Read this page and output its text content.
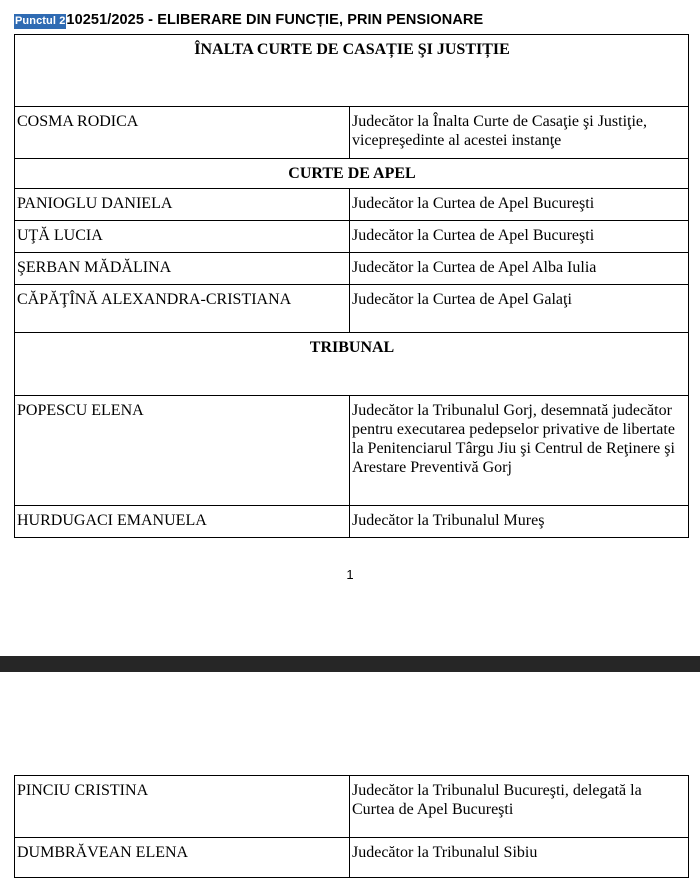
Punctul 210251/2025 - ELIBERARE DIN FUNCȚIE, PRIN PENSIONARE
ÎNALTA CURTE DE CASAȚIE ŞI JUSTIȚIE	
COSMA RODICA	Judecător la Înalta Curte de Casaţie şi Justiţie, vicepreşedinte al acestei instanţe
CURTE DE APEL	
PANIOGLU DANIELA	Judecător la Curtea de Apel Bucureşti
UŢĂ LUCIA	Judecător la Curtea de Apel Bucureşti
ŞERBAN MĂDĂLINA	Judecător la Curtea de Apel Alba Iulia
CĂPĂŢÎNĂ ALEXANDRA-CRISTIANA	Judecător la Curtea de Apel Galaţi
TRIBUNAL	
POPESCU ELENA	Judecător la Tribunalul Gorj, desemnată judecător pentru executarea pedepselor privative de libertate la Penitenciarul Târgu Jiu şi Centrul de Reţinere şi Arestare Preventivă Gorj
HURDUGACI EMANUELA	Judecător la Tribunalul Mureş
1
PINCIU CRISTINA	Judecător la Tribunalul Bucureşti, delegată la Curtea de Apel Bucureşti
DUMBRĂVEAN ELENA	Judecător la Tribunalul Sibiu
